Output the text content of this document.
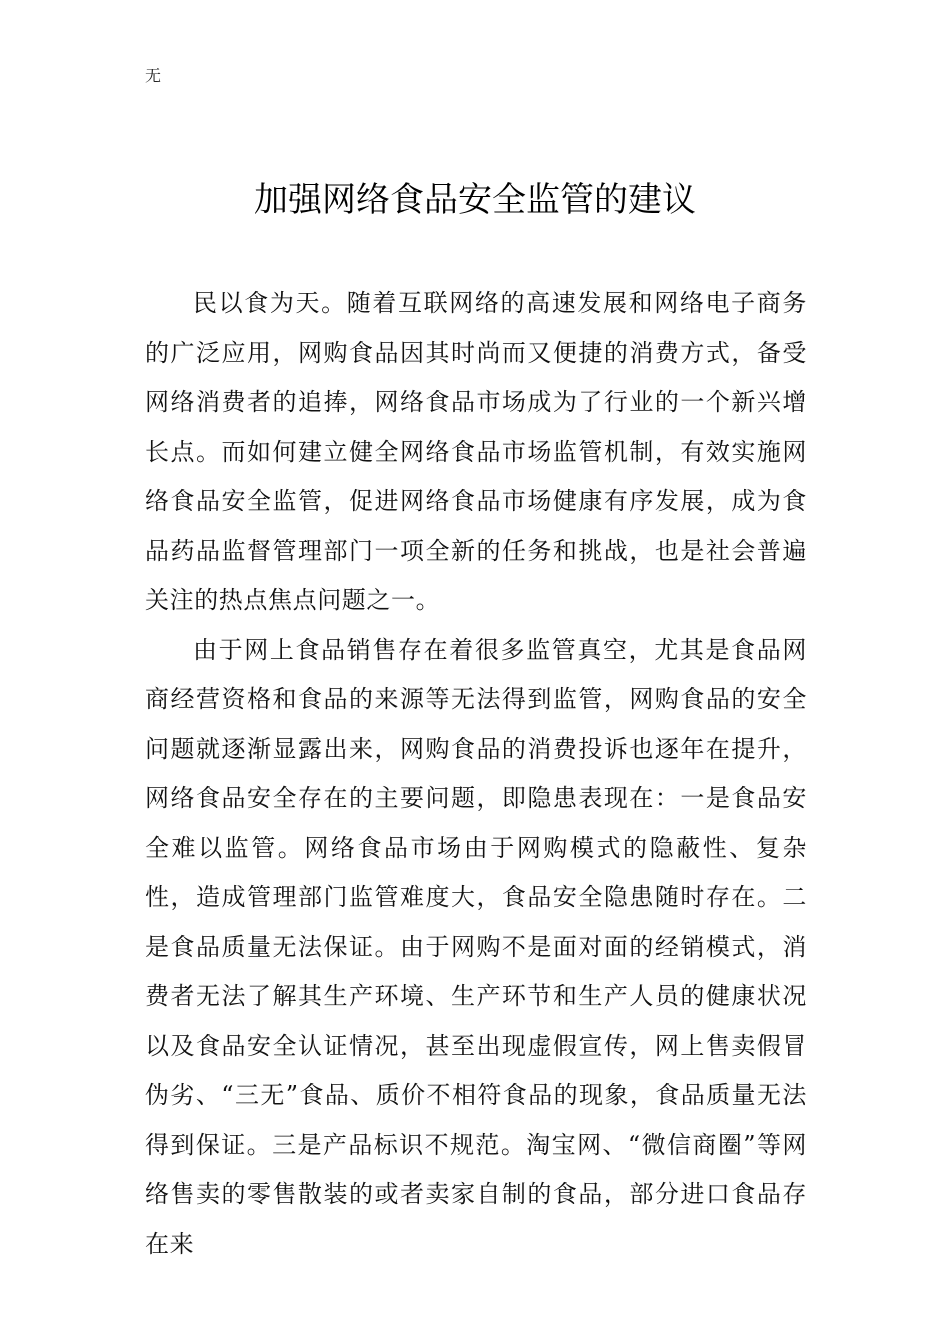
无
加强网络食品安全监管的建议

民以食为天。随着互联网络的高速发展和网络电子商务的广泛应用，网购食品因其时尚而又便捷的消费方式，备受网络消费者的追捧，网络食品市场成为了行业的一个新兴增长点。而如何建立健全网络食品市场监管机制，有效实施网络食品安全监管，促进网络食品市场健康有序发展，成为食品药品监督管理部门一项全新的任务和挑战，也是社会普遍关注的热点焦点问题之一。

由于网上食品销售存在着很多监管真空，尤其是食品网商经营资格和食品的来源等无法得到监管，网购食品的安全问题就逐渐显露出来，网购食品的消费投诉也逐年在提升，网络食品安全存在的主要问题，即隐患表现在：一是食品安全难以监管。网络食品市场由于网购模式的隐蔽性、复杂性，造成管理部门监管难度大，食品安全隐患随时存在。二是食品质量无法保证。由于网购不是面对面的经销模式，消费者无法了解其生产环境、生产环节和生产人员的健康状况以及食品安全认证情况，甚至出现虚假宣传，网上售卖假冒伪劣、“三无”食品、质价不相符食品的现象，食品质量无法得到保证。三是产品标识不规范。淘宝网、“微信商圈”等网络售卖的零售散装的或者卖家自制的食品，部分进口食品存在来
